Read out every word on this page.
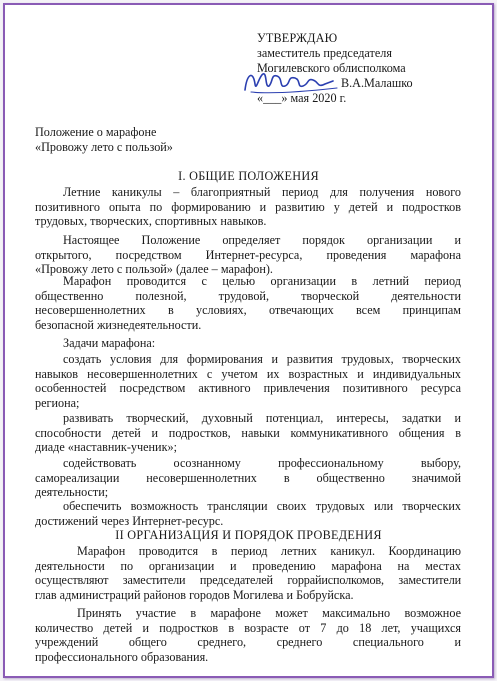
УТВЕРЖДАЮ
заместитель председателя
Могилевского облисполкома
В.А.Малашко
«___» мая 2020 г.
Положение о марафоне
«Провожу лето с пользой»
I. ОБЩИЕ ПОЛОЖЕНИЯ
Летние каникулы – благоприятный период для получения нового
позитивного опыта по формированию и развитию у детей и подростков
трудовых, творческих, спортивных навыков.
Настоящее Положение определяет порядок организации и
открытого, посредством Интернет-ресурса, проведения марафона
«Провожу лето с пользой» (далее – марафон).
Марафон проводится с целью организации в летний период
общественно полезной, трудовой, творческой деятельности
несовершеннолетних в условиях, отвечающих всем принципам
безопасной жизнедеятельности.
Задачи марафона:
создать условия для формирования и развития трудовых, творческих
навыков несовершеннолетних с учетом их возрастных и индивидуальных
особенностей посредством активного привлечения позитивного ресурса
региона;
развивать творческий, духовный потенциал, интересы, задатки и
способности детей и подростков, навыки коммуникативного общения в
диаде «наставник-ученик»;
содействовать осознанному профессиональному выбору,
самореализации несовершеннолетних в общественно значимой
деятельности;
обеспечить возможность трансляции своих трудовых или творческих
достижений через Интернет-ресурс.
II ОРГАНИЗАЦИЯ И ПОРЯДОК ПРОВЕДЕНИЯ
Марафон проводится в период летних каникул. Координацию
деятельности по организации и проведению марафона на местах
осуществляют заместители председателей горрайисполкомов, заместители
глав администраций районов городов Могилева и Бобруйска.
Принять участие в марафоне может максимально возможное
количество детей и подростков в возрасте от 7 до 18 лет, учащихся
учреждений общего среднего, среднего специального и
профессионального образования.
